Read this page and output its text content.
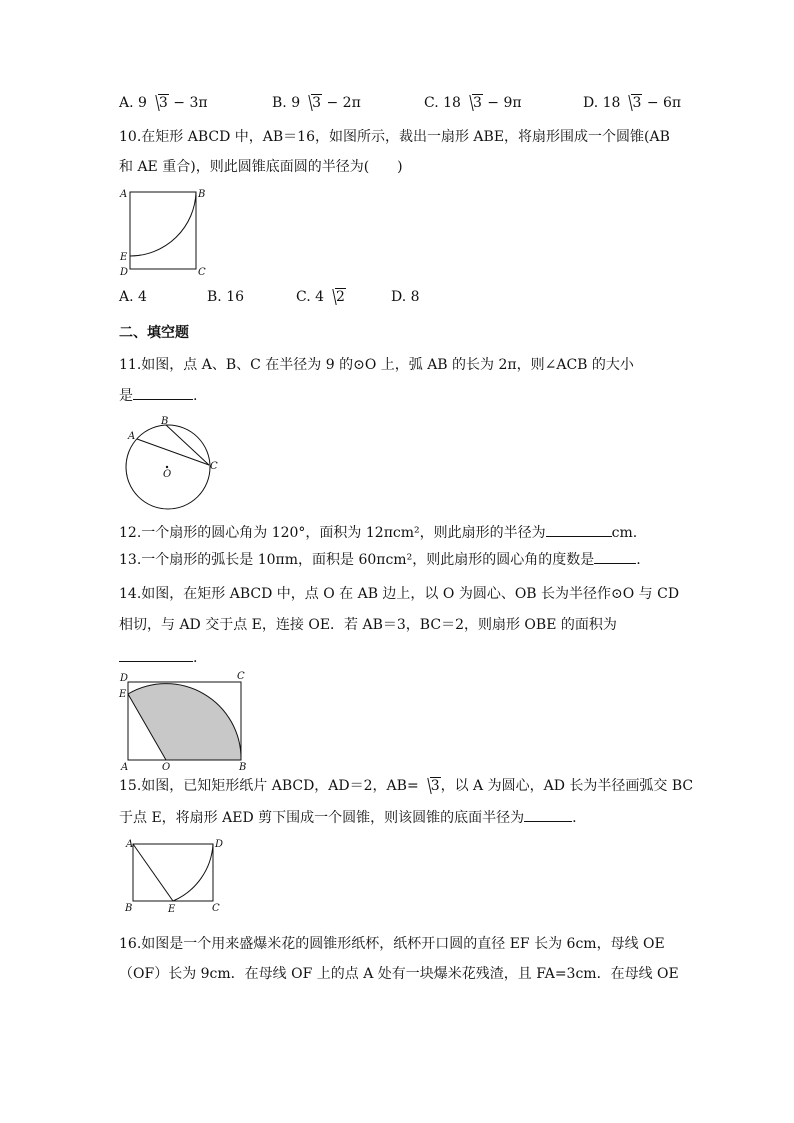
A. 9 3 − 3π	B. 9 3 − 2π	C. 18 3 − 9π	D. 18 3 − 6π
10.在矩形 ABCD 中，AB＝16，如图所示，裁出一扇形 ABE，将扇形围成一个圆锥(AB
和 AE 重合)，则此圆锥底面圆的半径为(　　)
A	B
E
D	C
A. 4	B. 16	C. 4 2	D. 8
二、填空题
11.如图，点 A、B、C 在半径为 9 的⊙O 上，弧 AB 的长为 2π，则∠ACB 的大小
是	.
A
B
C
O
12.一个扇形的圆心角为 120°，面积为 12πcm²，则此扇形的半径为	cm.
13.一个扇形的弧长是 10πm，面积是 60πcm²，则此扇形的圆心角的度数是	.
14.如图，在矩形 ABCD 中，点 O 在 AB 边上，以 O 为圆心、OB 长为半径作⊙O 与 CD
相切，与 AD 交于点 E，连接 OE．若 AB＝3，BC＝2，则扇形 OBE 的面积为
.
D	C
E
A	O	B
15.如图，已知矩形纸片 ABCD，AD＝2，AB= 3，以 A 为圆心，AD 长为半径画弧交 BC
于点 E，将扇形 AED 剪下围成一个圆锥，则该圆锥的底面半径为	.
A	D
B	E	C
16.如图是一个用来盛爆米花的圆锥形纸杯，纸杯开口圆的直径 EF 长为 6cm，母线 OE
（OF）长为 9cm．在母线 OF 上的点 A 处有一块爆米花残渣，且 FA=3cm．在母线 OE
